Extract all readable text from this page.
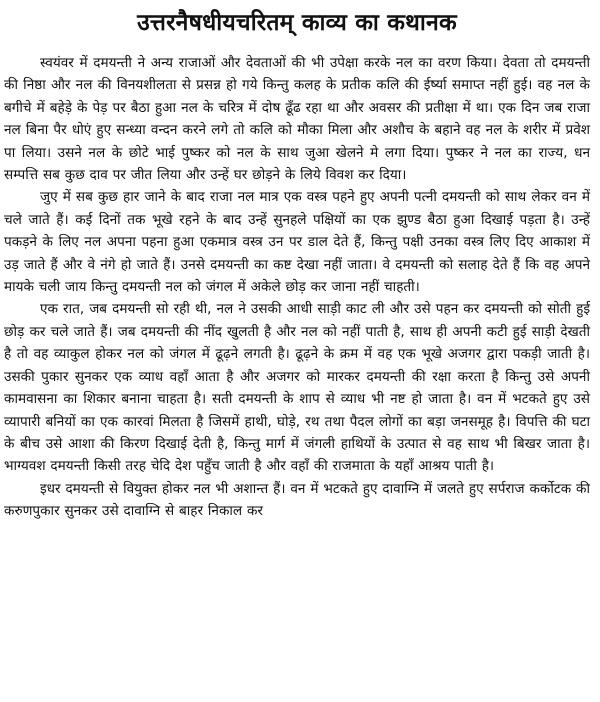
उत्तरनैषधीयचरितम् काव्य का कथानक

स्वयंवर में दमयन्ती ने अन्य राजाओं और देवताओं की भी उपेक्षा करके नल का वरण किया। देवता तो दमयन्ती की निष्ठा और नल की विनयशीलता से प्रसन्न हो गये किन्तु कलह के प्रतीक कलि की ईर्ष्या समाप्त नहीं हुई। वह नल के बगीचे में बहेड़े के पेड़ पर बैठा हुआ नल के चरित्र में दोष ढूँढ रहा था और अवसर की प्रतीक्षा में था। एक दिन जब राजा नल बिना पैर धोएं हुए सन्ध्या वन्दन करने लगे तो कलि को मौका मिला और अशौच के बहाने वह नल के शरीर में प्रवेश पा लिया। उसने नल के छोटे भाई पुष्कर को नल के साथ जुआ खेलने मे लगा दिया। पुष्कर ने नल का राज्य, धन सम्पत्ति सब कुछ दाव पर जीत लिया और उन्हें घर छोड़ने के लिये विवश कर दिया।

जुए में सब कुछ हार जाने के बाद राजा नल मात्र एक वस्त्र पहने हुए अपनी पत्नी दमयन्ती को साथ लेकर वन में चले जाते हैं। कई दिनों तक भूखे रहने के बाद उन्हें सुनहले पक्षियों का एक झुण्ड बैठा हुआ दिखाई पड़ता है। उन्हें पकड़ने के लिए नल अपना पहना हुआ एकमात्र वस्त्र उन पर डाल देते हैं, किन्तु पक्षी उनका वस्त्र लिए दिए आकाश में उड़ जाते हैं और वे नंगे हो जाते हैं। उनसे दमयन्ती का कष्ट देखा नहीं जाता। वे दमयन्ती को सलाह देते हैं कि वह अपने मायके चली जाय किन्तु दमयन्ती नल को जंगल में अकेले छोड़ कर जाना नहीं चाहती।

एक रात, जब दमयन्ती सो रही थी, नल ने उसकी आधी साड़ी काट ली और उसे पहन कर दमयन्ती को सोती हुई छोड़ कर चले जाते हैं। जब दमयन्ती की नींद खुलती है और नल को नहीं पाती है, साथ ही अपनी कटी हुई साड़ी देखती है तो वह व्याकुल होकर नल को जंगल में ढूढ़ने लगती है। ढूढ़ने के क्रम में वह एक भूखे अजगर द्वारा पकड़ी जाती है। उसकी पुकार सुनकर एक व्याध वहाँ आता है और अजगर को मारकर दमयन्ती की रक्षा करता है किन्तु उसे अपनी कामवासना का शिकार बनाना चाहता है। सती दमयन्ती के शाप से व्याध भी नष्ट हो जाता है। वन में भटकते हुए उसे व्यापारी बनियों का एक कारवां मिलता है जिसमें हाथी, घोड़े, रथ तथा पैदल लोगों का बड़ा जनसमूह है। विपत्ति की घटा के बीच उसे आशा की किरण दिखाई देती है, किन्तु मार्ग में जंगली हाथियों के उत्पात से वह साथ भी बिखर जाता है। भाग्यवश दमयन्ती किसी तरह चेदि देश पहुँच जाती है और वहाँ की राजमाता के यहाँ आश्रय पाती है।

इधर दमयन्ती से वियुक्त होकर नल भी अशान्त हैं। वन में भटकते हुए दावाग्नि में जलते हुए सर्पराज कर्कोटक की करुणपुकार सुनकर उसे दावाग्नि से बाहर निकाल कर
